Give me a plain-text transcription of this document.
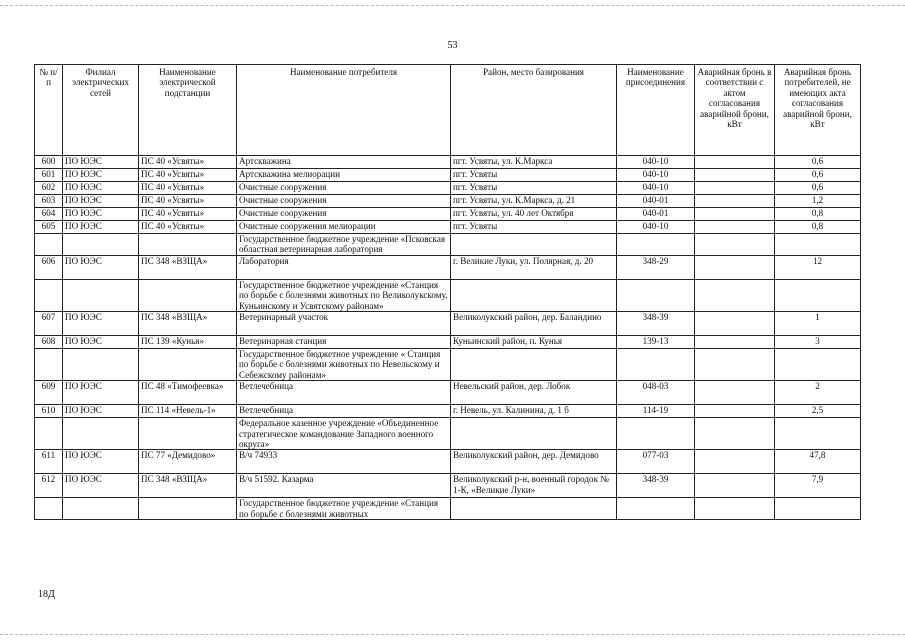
53
№ п/п	Филиал электрических сетей	Наименование электрической подстанции	Наименование потребителя	Район, место базирования	Наименование присоединения	Аварийная бронь в соответствии с актом согласования аварийной брони, кВт	Аварийная бронь потребителей, не имеющих акта согласования аварийной брони, кВт
600	ПО ЮЭС	ПС 40 «Усвяты»	Артскважина	пгт. Усвяты, ул. К.Маркса	040-10		0,6
601	ПО ЮЭС	ПС 40 «Усвяты»	Артскважина мелиорации	пгт. Усвяты	040-10		0,6
602	ПО ЮЭС	ПС 40 «Усвяты»	Очистные сооружения	пгт. Усвяты	040-10		0,6
603	ПО ЮЭС	ПС 40 «Усвяты»	Очистные сооружения	пгт. Усвяты, ул. К.Маркса, д. 21	040-01		1,2
604	ПО ЮЭС	ПС 40 «Усвяты»	Очистные сооружения	пгт. Усвяты, ул. 40 лет Октября	040-01		0,8
605	ПО ЮЭС	ПС 40 «Усвяты»	Очистные сооружения мелиорации	пгт. Усвяты	040-10		0,8
			Государственное бюджетное учреждение «Псковская областная ветеринарная лаборатория				
606	ПО ЮЭС	ПС 348 «ВЗЩА»	Лаборатория	г. Великие Луки, ул. Полярная, д. 20	348-29		12
			Государственное бюджетное учреждение «Станция по борьбе с болезнями животных по Великолукскому, Куньинскому и Усвятскому районам»				
607	ПО ЮЭС	ПС 348 «ВЗЩА»	Ветеринарный участок	Великолукский район, дер. Баландино	348-39		1
608	ПО ЮЭС	ПС 139 «Кунья»	Ветеринарная станция	Куньинский район, п. Кунья	139-13		3
			Государственное бюджетное учреждение « Станция по борьбе с болезнями животных по Невельскому и Себежскому районам»				
609	ПО ЮЭС	ПС 48 «Тимофеевка»	Ветлечебница	Невельский район, дер. Лобок	048-03		2
610	ПО ЮЭС	ПС 114 «Невель-1»	Ветлечебница	г. Невель, ул. Калинина, д. 1 б	114-19		2,5
			Федеральное казенное учреждение «Объединенное стратегическое командование Западного военного округа»				
611	ПО ЮЭС	ПС 77 «Демидово»	В/ч 74933	Великолукский район, дер. Демидово	077-03		47,8
612	ПО ЮЭС	ПС 348 «ВЗЩА»	В/ч 51592. Казарма	Великолукский р-н, военный городок № 1-К, «Великие Луки»	348-39		7,9
			Государственное бюджетное учреждение «Станция по борьбе с болезнями животных				
18Д
